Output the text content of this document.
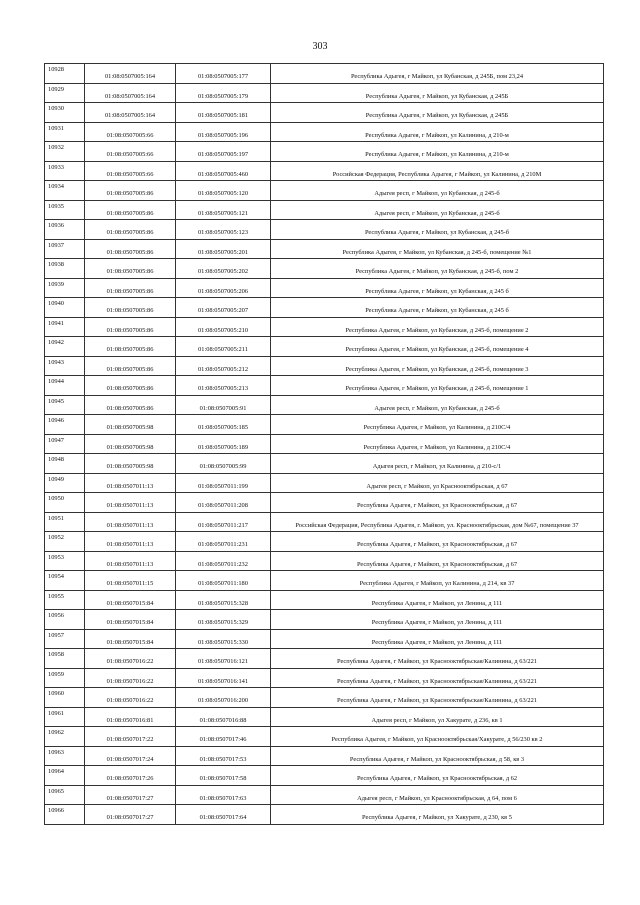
303
10928	01:08:0507005:164	01:08:0507005:177	Республика Адыгея, г Майкоп, ул Кубанская, д 245Б, пом 23,24
10929	01:08:0507005:164	01:08:0507005:179	Республика Адыгея, г Майкоп, ул Кубанская, д 245Б
10930	01:08:0507005:164	01:08:0507005:181	Республика Адыгея, г Майкоп, ул Кубанская, д 245Б
10931	01:08:0507005:66	01:08:0507005:196	Республика Адыгея, г Майкоп, ул Калинина, д 210-м
10932	01:08:0507005:66	01:08:0507005:197	Республика Адыгея, г Майкоп, ул Калинина, д 210-м
10933	01:08:0507005:66	01:08:0507005:460	Российская Федерация, Республика Адыгея, г Майкоп, ул Калинина, д 210М
10934	01:08:0507005:86	01:08:0507005:120	Адыгея респ, г Майкоп, ул Кубанская, д 245-б
10935	01:08:0507005:86	01:08:0507005:121	Адыгея респ, г Майкоп, ул Кубанская, д 245-б
10936	01:08:0507005:86	01:08:0507005:123	Республика Адыгея, г Майкоп, ул Кубанская, д 245-б
10937	01:08:0507005:86	01:08:0507005:201	Республика Адыгея, г Майкоп, ул Кубанская, д 245-б, помещение №1
10938	01:08:0507005:86	01:08:0507005:202	Республика Адыгея, г Майкоп, ул Кубанская, д 245-б, пом 2
10939	01:08:0507005:86	01:08:0507005:206	Республика Адыгея, г Майкоп, ул Кубанская, д 245 б
10940	01:08:0507005:86	01:08:0507005:207	Республика Адыгея, г Майкоп, ул Кубанская, д 245 б
10941	01:08:0507005:86	01:08:0507005:210	Республика Адыгея, г Майкоп, ул Кубанская, д 245-б, помещение 2
10942	01:08:0507005:86	01:08:0507005:211	Республика Адыгея, г Майкоп, ул Кубанская, д 245-б, помещение 4
10943	01:08:0507005:86	01:08:0507005:212	Республика Адыгея, г Майкоп, ул Кубанская, д 245-б, помещение 3
10944	01:08:0507005:86	01:08:0507005:213	Республика Адыгея, г Майкоп, ул Кубанская, д 245-б, помещение 1
10945	01:08:0507005:86	01:08:0507005:91	Адыгея респ, г Майкоп, ул Кубанская, д 245-б
10946	01:08:0507005:98	01:08:0507005:185	Республика Адыгея, г Майкоп, ул Калинина, д 210С/4
10947	01:08:0507005:98	01:08:0507005:189	Республика Адыгея, г Майкоп, ул Калинина, д 210С/4
10948	01:08:0507005:98	01:08:0507005:99	Адыгея респ, г Майкоп, ул Калинина, д 210-с/1
10949	01:08:0507011:13	01:08:0507011:199	Адыгея респ, г Майкоп, ул Краснооктябрьская, д 67
10950	01:08:0507011:13	01:08:0507011:208	Республика Адыгея, г Майкоп, ул Краснооктябрьская, д 67
10951	01:08:0507011:13	01:08:0507011:217	Российская Федерация, Республика Адыгея, г. Майкоп, ул. Краснооктябрьская, дом №67, помещение 37
10952	01:08:0507011:13	01:08:0507011:231	Республика Адыгея, г Майкоп, ул Краснооктябрьская, д 67
10953	01:08:0507011:13	01:08:0507011:232	Республика Адыгея, г Майкоп, ул Краснооктябрьская, д 67
10954	01:08:0507011:15	01:08:0507011:180	Республика Адыгея, г Майкоп, ул Калинина, д 214, кв 37
10955	01:08:0507015:84	01:08:0507015:328	Республика Адыгея, г Майкоп, ул Ленина, д 111
10956	01:08:0507015:84	01:08:0507015:329	Республика Адыгея, г Майкоп, ул Ленина, д 111
10957	01:08:0507015:84	01:08:0507015:330	Республика Адыгея, г Майкоп, ул Ленина, д 111
10958	01:08:0507016:22	01:08:0507016:121	Республика Адыгея, г Майкоп, ул Краснооктябрьская/Калинина, д 63/221
10959	01:08:0507016:22	01:08:0507016:141	Республика Адыгея, г Майкоп, ул Краснооктябрьская/Калинина, д 63/221
10960	01:08:0507016:22	01:08:0507016:200	Республика Адыгея, г Майкоп, ул Краснооктябрьская/Калинина, д 63/221
10961	01:08:0507016:81	01:08:0507016:88	Адыгея респ, г Майкоп, ул Хакурате, д 236, кв 1
10962	01:08:0507017:22	01:08:0507017:46	Республика Адыгея, г Майкоп, ул Краснооктябрьская/Хакурате, д 56/230 кв 2
10963	01:08:0507017:24	01:08:0507017:53	Республика Адыгея, г Майкоп, ул Краснооктябрьская, д 58, кв 3
10964	01:08:0507017:26	01:08:0507017:58	Республика Адыгея, г Майкоп, ул Краснооктябрьская, д 62
10965	01:08:0507017:27	01:08:0507017:63	Адыгея респ, г Майкоп, ул Краснооктябрьская, д 64, пом 6
10966	01:08:0507017:27	01:08:0507017:64	Республика Адыгея, г Майкоп, ул Хакурате, д 230, кв 5
